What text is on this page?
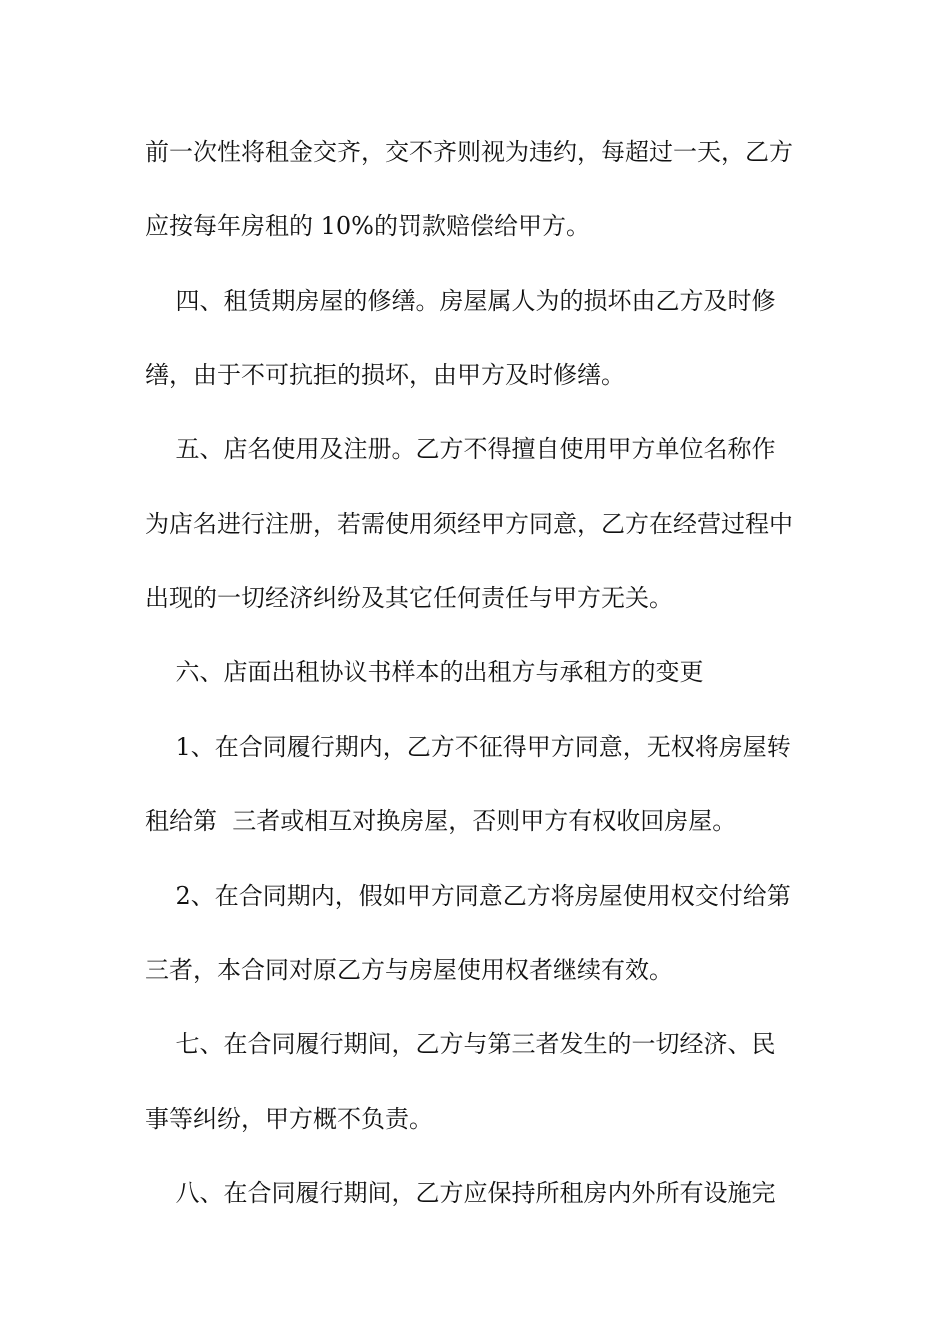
前一次性将租金交齐，交不齐则视为违约，每超过一天，乙方
应按每年房租的 10%的罚款赔偿给甲方。
四、租赁期房屋的修缮。房屋属人为的损坏由乙方及时修
缮，由于不可抗拒的损坏，由甲方及时修缮。
五、店名使用及注册。乙方不得擅自使用甲方单位名称作
为店名进行注册，若需使用须经甲方同意，乙方在经营过程中
出现的一切经济纠纷及其它任何责任与甲方无关。
六、店面出租协议书样本的出租方与承租方的变更
1、在合同履行期内，乙方不征得甲方同意，无权将房屋转
租给第  三者或相互对换房屋，否则甲方有权收回房屋。
2、在合同期内，假如甲方同意乙方将房屋使用权交付给第
三者，本合同对原乙方与房屋使用权者继续有效。
七、在合同履行期间，乙方与第三者发生的一切经济、民
事等纠纷，甲方概不负责。
八、在合同履行期间，乙方应保持所租房内外所有设施完
